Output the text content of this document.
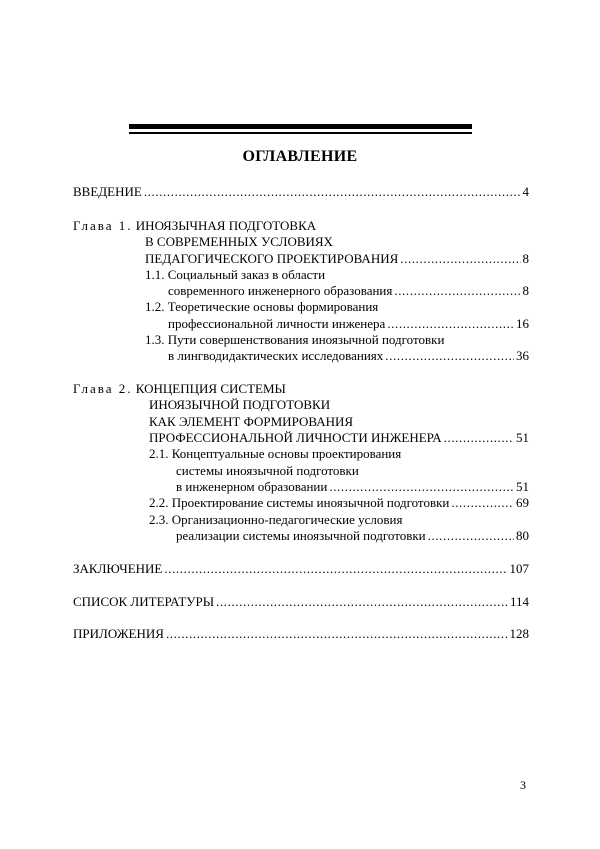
ОГЛАВЛЕНИЕ
ВВЕДЕНИЕ .....	4
Глава 1. ИНОЯЗЫЧНАЯ ПОДГОТОВКА
В СОВРЕМЕННЫХ УСЛОВИЯХ
ПЕДАГОГИЧЕСКОГО ПРОЕКТИРОВАНИЯ .....	8
1.1. Социальный заказ в области
современного инженерного образования .....	8
1.2. Теоретические основы формирования
профессиональной личности инженера .....	16
1.3. Пути совершенствования иноязычной подготовки
в лингводидактических исследованиях .....	36
Глава 2. КОНЦЕПЦИЯ СИСТЕМЫ
ИНОЯЗЫЧНОЙ ПОДГОТОВКИ
КАК ЭЛЕМЕНТ ФОРМИРОВАНИЯ
ПРОФЕССИОНАЛЬНОЙ ЛИЧНОСТИ ИНЖЕНЕРА .....	51
2.1. Концептуальные основы проектирования
системы иноязычной подготовки
в инженерном образовании .....	51
2.2. Проектирование системы иноязычной подготовки .....	69
2.3. Организационно-педагогические условия
реализации системы иноязычной подготовки .....	80
ЗАКЛЮЧЕНИЕ .....	107
СПИСОК ЛИТЕРАТУРЫ .....	114
ПРИЛОЖЕНИЯ .....	128
3
